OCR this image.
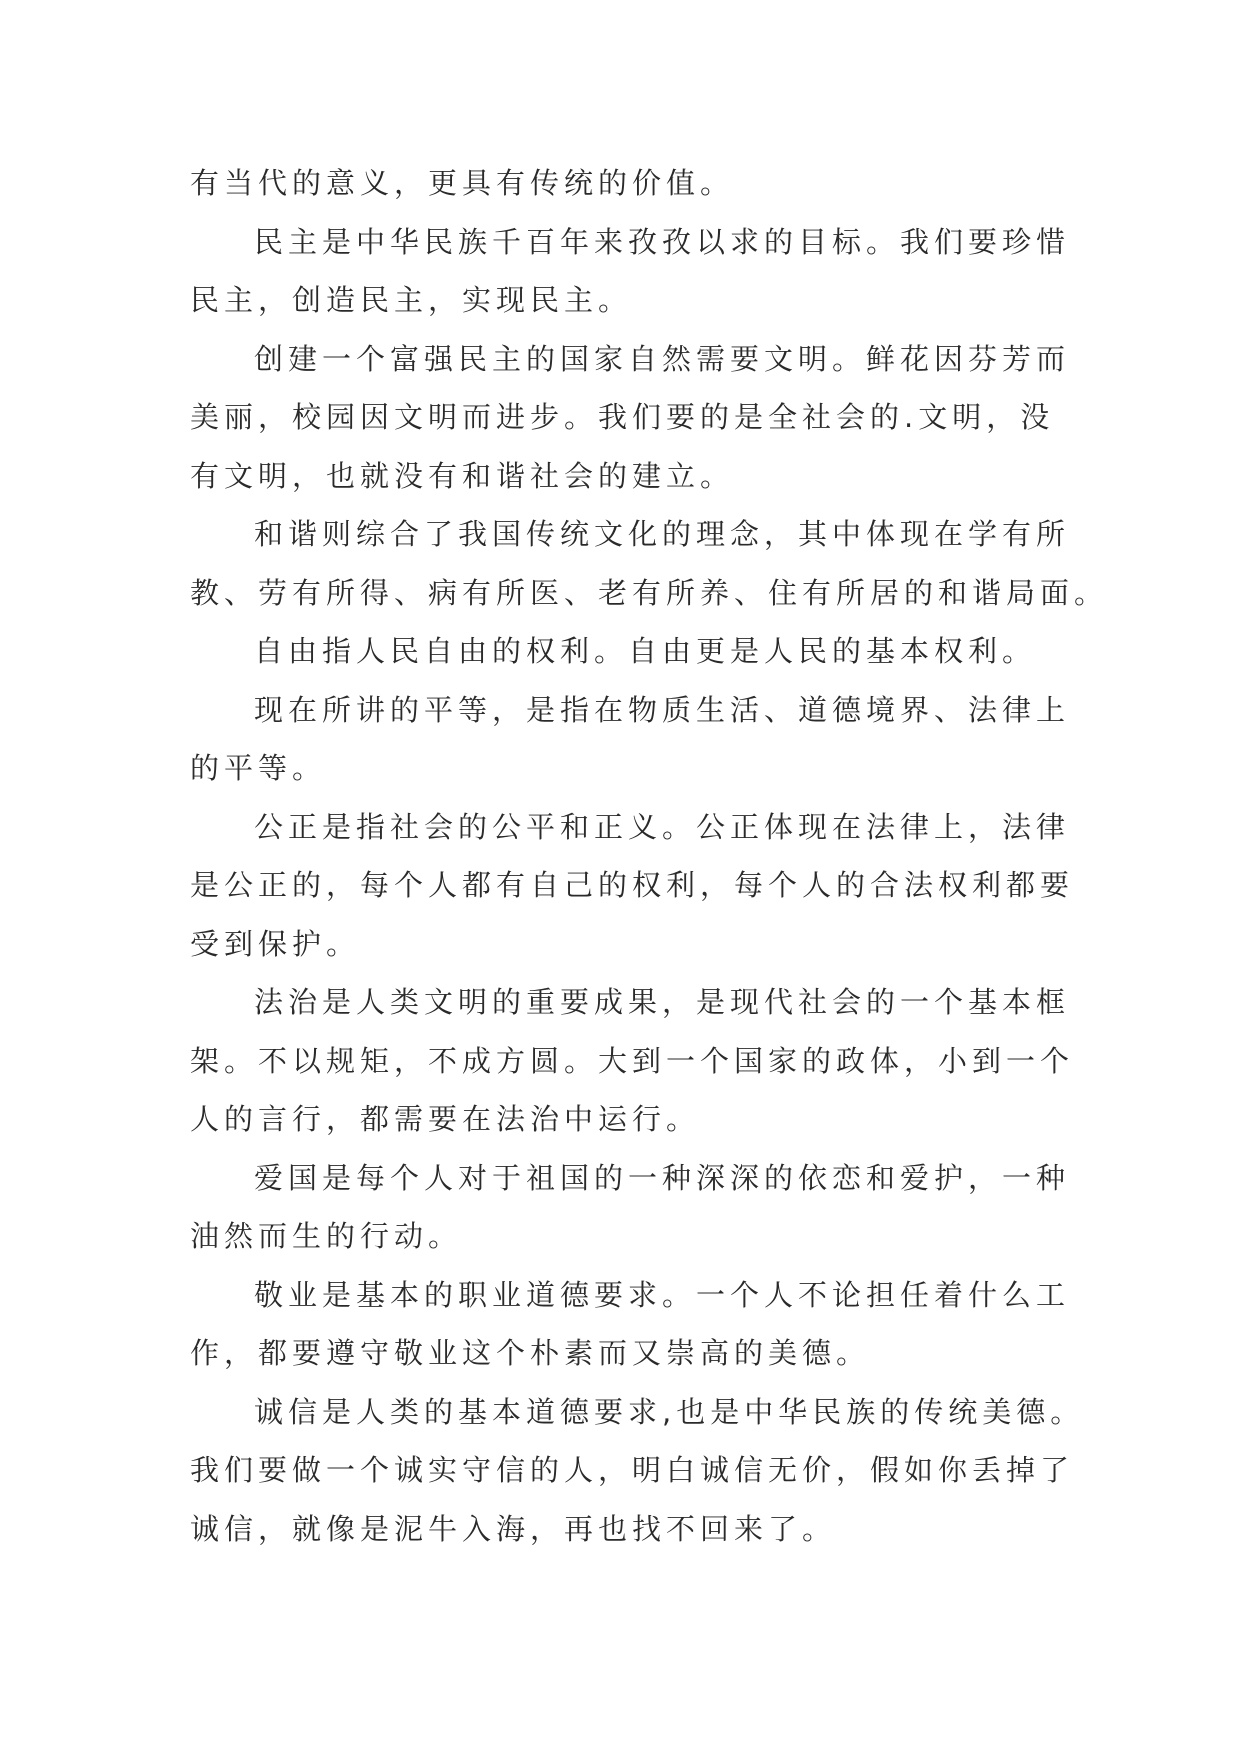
有当代的意义，更具有传统的价值。

民主是中华民族千百年来孜孜以求的目标。我们要珍惜
民主，创造民主，实现民主。

创建一个富强民主的国家自然需要文明。鲜花因芬芳而
美丽，校园因文明而进步。我们要的是全社会的.文明，没
有文明，也就没有和谐社会的建立。

和谐则综合了我国传统文化的理念，其中体现在学有所
教、劳有所得、病有所医、老有所养、住有所居的和谐局面。

自由指人民自由的权利。自由更是人民的基本权利。

现在所讲的平等，是指在物质生活、道德境界、法律上
的平等。

公正是指社会的公平和正义。公正体现在法律上，法律
是公正的，每个人都有自己的权利，每个人的合法权利都要
受到保护。

法治是人类文明的重要成果，是现代社会的一个基本框
架。不以规矩，不成方圆。大到一个国家的政体，小到一个
人的言行，都需要在法治中运行。

爱国是每个人对于祖国的一种深深的依恋和爱护，一种
油然而生的行动。

敬业是基本的职业道德要求。一个人不论担任着什么工
作，都要遵守敬业这个朴素而又崇高的美德。

诚信是人类的基本道德要求,也是中华民族的传统美德。
我们要做一个诚实守信的人，明白诚信无价，假如你丢掉了
诚信，就像是泥牛入海，再也找不回来了。
